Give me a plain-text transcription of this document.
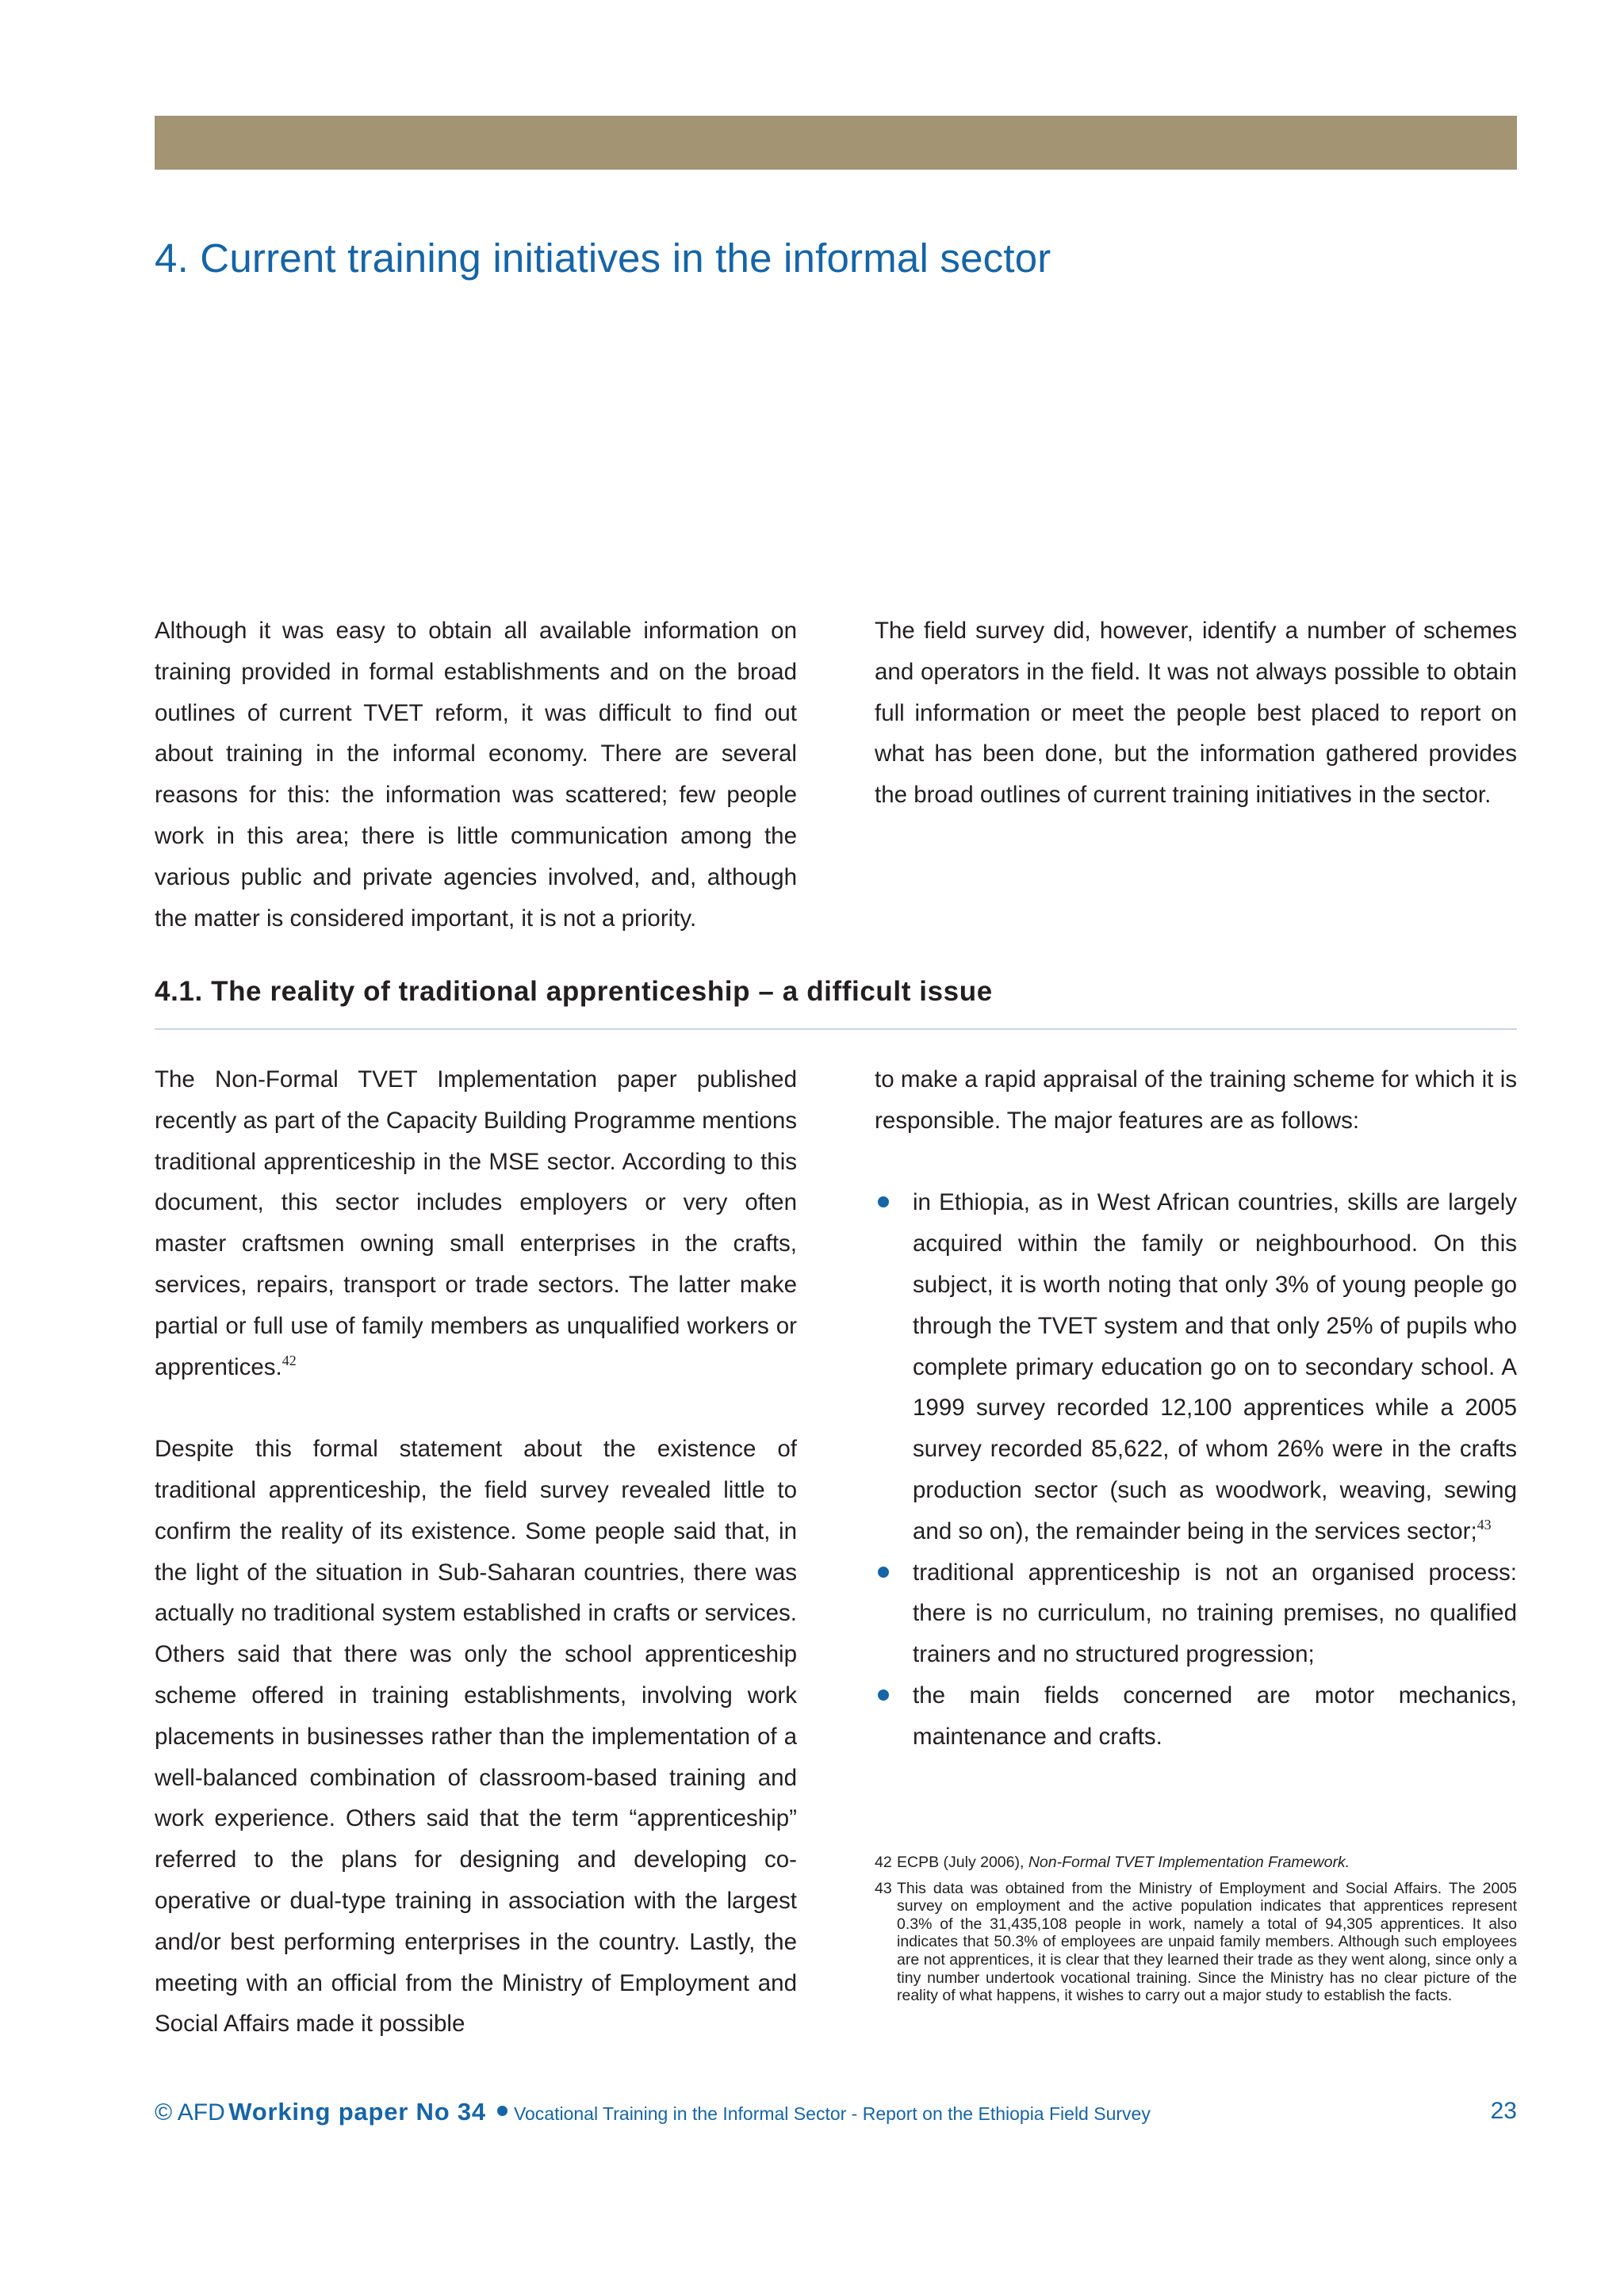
4. Current training initiatives in the informal sector

Although it was easy to obtain all available information on training provided in formal establishments and on the broad outlines of current TVET reform, it was difficult to find out about training in the informal economy. There are several reasons for this: the information was scattered; few people work in this area; there is little communication among the various public and private agencies involved, and, although the matter is considered important, it is not a priority.

The field survey did, however, identify a number of schemes and operators in the field. It was not always possible to obtain full information or meet the people best placed to report on what has been done, but the information gathered provides the broad outlines of current training initiatives in the sector.

4.1. The reality of traditional apprenticeship – a difficult issue

The Non-Formal TVET Implementation paper published recently as part of the Capacity Building Programme mentions traditional apprenticeship in the MSE sector. According to this document, this sector includes employers or very often master craftsmen owning small enterprises in the crafts, services, repairs, transport or trade sectors. The latter make partial or full use of family members as unqualified workers or apprentices.$^{42}$

Despite this formal statement about the existence of traditional apprenticeship, the field survey revealed little to confirm the reality of its existence. Some people said that, in the light of the situation in Sub-Saharan countries, there was actually no traditional system established in crafts or services. Others said that there was only the school apprenticeship scheme offered in training establishments, involving work placements in businesses rather than the implementation of a well-balanced combination of classroom-based training and work experience. Others said that the term “apprenticeship” referred to the plans for designing and developing co-operative or dual-type training in association with the largest and/or best performing enterprises in the country. Lastly, the meeting with an official from the Ministry of Employment and Social Affairs made it possible

to make a rapid appraisal of the training scheme for which it is responsible. The major features are as follows:

in Ethiopia, as in West African countries, skills are largely acquired within the family or neighbourhood. On this subject, it is worth noting that only 3% of young people go through the TVET system and that only 25% of pupils who complete primary education go on to secondary school. A 1999 survey recorded 12,100 apprentices while a 2005 survey recorded 85,622, of whom 26% were in the crafts production sector (such as woodwork, weaving, sewing and so on), the remainder being in the services sector;$^{43}$
traditional apprenticeship is not an organised process: there is no curriculum, no training premises, no qualified trainers and no structured progression;
the main fields concerned are motor mechanics, maintenance and crafts.
42 ECPB (July 2006), Non-Formal TVET Implementation Framework.
43 This data was obtained from the Ministry of Employment and Social Affairs. The 2005 survey on employment and the active population indicates that apprentices represent 0.3% of the 31,435,108 people in work, namely a total of 94,305 apprentices. It also indicates that 50.3% of employees are unpaid family members. Although such employees are not apprentices, it is clear that they learned their trade as they went along, since only a tiny number undertook vocational training. Since the Ministry has no clear picture of the reality of what happens, it wishes to carry out a major study to establish the facts.
© AFD Working paper No 34 Vocational Training in the Informal Sector - Report on the Ethiopia Field Survey	23
